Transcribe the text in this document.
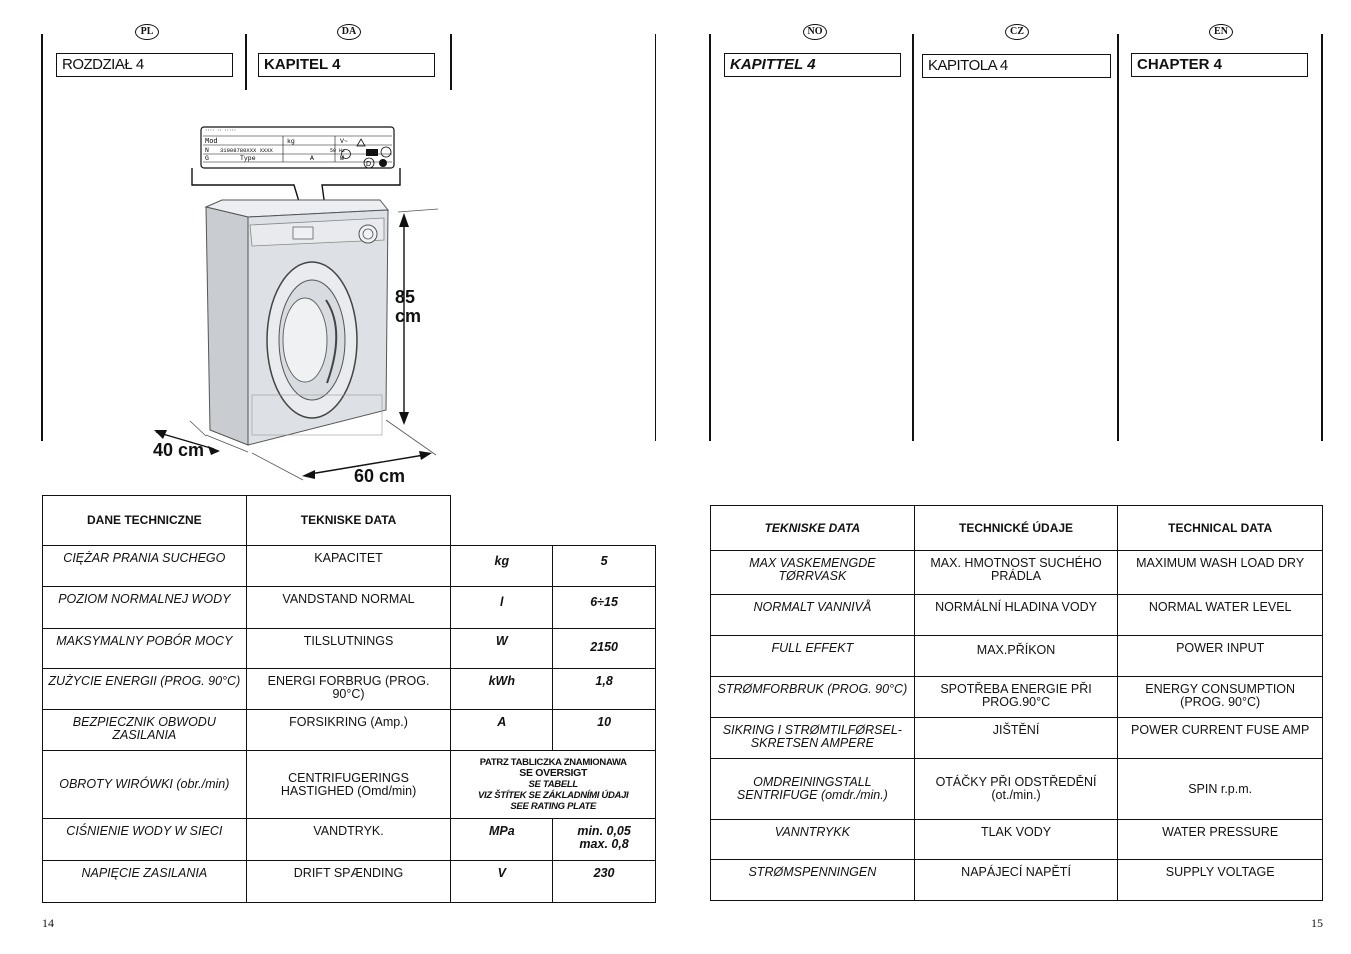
PL	DA
ROZDZIAŁ 4	KAPITEL 4
:::: :: :::::
Mod
N 31008780XXX XXXX
G	Type
kg
50 Hz
A
V~
W
D
85
cm
40 cm
60 cm
DANE TECHNICZNE	TEKNISKE DATA		
CIĘŻAR PRANIA SUCHEGO	KAPACITET	kg	5
POZIOM NORMALNEJ WODY	VANDSTAND NORMAL	l	6÷15
MAKSYMALNY POBÓR MOCY	TILSLUTNINGS	W	2150
ZUŻYCIE ENERGII (PROG. 90°C)	ENERGI FORBRUG (PROG. 90°C)	kWh	1,8
BEZPIECZNIK OBWODU ZASILANIA	FORSIKRING (Amp.)	A	10
OBROTY WIRÓWKI (obr./min)	CENTRIFUGERINGS HASTIGHED (Omd/min)	PATRZ TABLICZKA ZNAMIONAWA
SE OVERSIGT
SE TABELL
VIZ ŠTÍTEK SE ZÁKLADNÍMI ÚDAJI
SEE RATING PLATE	

CIŚNIENIE WODY W SIECI	VANDTRYK.	MPa	min. 0,05
max. 0,8

NAPIĘCIE ZASILANIA	DRIFT SPÆNDING	V	230
14
NO	CZ	EN
KAPITTEL 4	KAPITOLA 4	CHAPTER 4
TEKNISKE DATA	TECHNICKÉ ÚDAJE	TECHNICAL DATA
MAX VASKEMENGDE TØRRVASK	MAX. HMOTNOST SUCHÉHO PRÁDLA	MAXIMUM WASH LOAD DRY
NORMALT VANNIVÅ	NORMÁLNÍ HLADINA VODY	NORMAL WATER LEVEL
FULL EFFEKT	MAX.PŘÍKON	POWER INPUT
STRØMFORBRUK (PROG. 90°C)	SPOTŘEBA ENERGIE PŘI PROG.90°C	ENERGY CONSUMPTION (PROG. 90°C)
SIKRING I STRØMTILFØRSEL-SKRETSEN AMPERE	JIŠTĚNÍ	POWER CURRENT FUSE AMP
OMDREININGSTALL SENTRIFUGE (omdr./min.)	OTÁČKY PŘI ODSTŘEDĚNÍ (ot./min.)	SPIN r.p.m.
VANNTRYKK	TLAK VODY	WATER PRESSURE
STRØMSPENNINGEN	NAPÁJECÍ NAPĚTÍ	SUPPLY VOLTAGE
15
